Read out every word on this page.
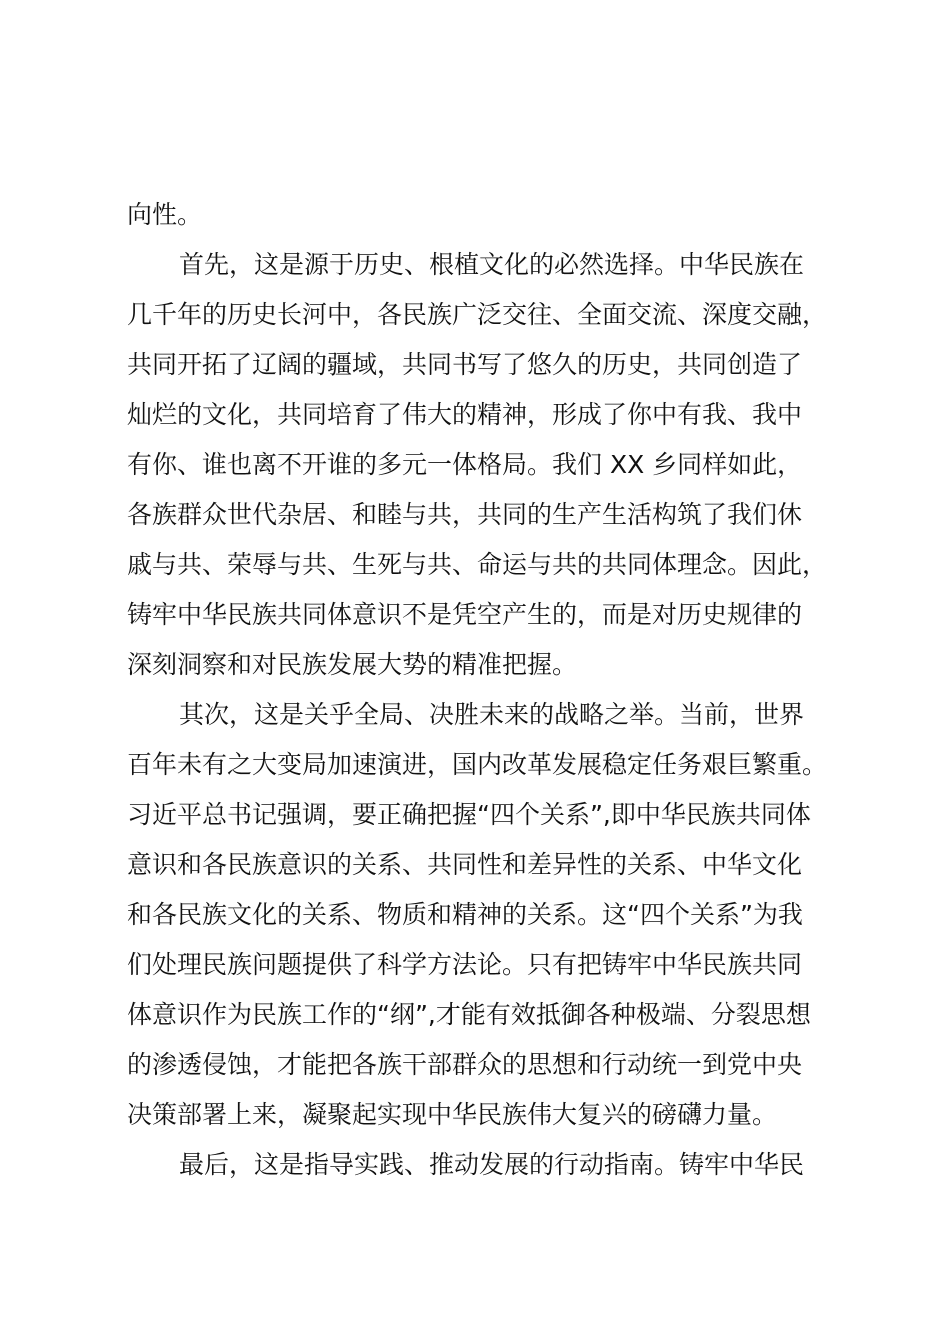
向性。
首先，这是源于历史、根植文化的必然选择。中华民族在
几千年的历史长河中，各民族广泛交往、全面交流、深度交融，
共同开拓了辽阔的疆域，共同书写了悠久的历史，共同创造了
灿烂的文化，共同培育了伟大的精神，形成了你中有我、我中
有你、谁也离不开谁的多元一体格局。我们 XX 乡同样如此，
各族群众世代杂居、和睦与共，共同的生产生活构筑了我们休
戚与共、荣辱与共、生死与共、命运与共的共同体理念。因此，
铸牢中华民族共同体意识不是凭空产生的，而是对历史规律的
深刻洞察和对民族发展大势的精准把握。
其次，这是关乎全局、决胜未来的战略之举。当前，世界
百年未有之大变局加速演进，国内改革发展稳定任务艰巨繁重。
习近平总书记强调，要正确把握“四个关系”,即中华民族共同体
意识和各民族意识的关系、共同性和差异性的关系、中华文化
和各民族文化的关系、物质和精神的关系。这“四个关系”为我
们处理民族问题提供了科学方法论。只有把铸牢中华民族共同
体意识作为民族工作的“纲”,才能有效抵御各种极端、分裂思想
的渗透侵蚀，才能把各族干部群众的思想和行动统一到党中央
决策部署上来，凝聚起实现中华民族伟大复兴的磅礴力量。
最后，这是指导实践、推动发展的行动指南。铸牢中华民
